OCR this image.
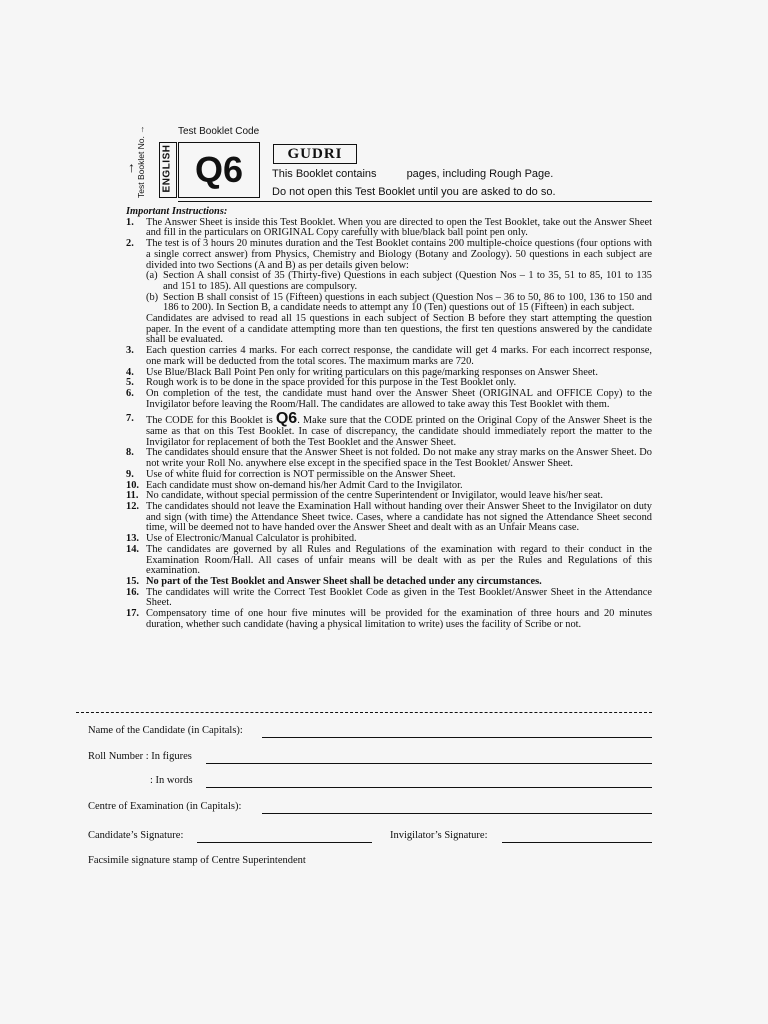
Test Booklet Code
↑ Test Booklet No. →
ENGLISH Q6	GUDRI
This Booklet contains	pages, including Rough Page.
Do not open this Test Booklet until you are asked to do so.
Important Instructions:
1.	The Answer Sheet is inside this Test Booklet. When you are directed to open the Test Booklet, take out the Answer Sheet and fill in the particulars on ORIGINAL Copy carefully with blue/black ball point pen only.
2.	The test is of 3 hours 20 minutes duration and the Test Booklet contains 200 multiple-choice questions (four options with a single correct answer) from Physics, Chemistry and Biology (Botany and Zoology). 50 questions in each subject are divided into two Sections (A and B) as per details given below:
(a) Section A shall consist of 35 (Thirty-five) Questions in each subject (Question Nos – 1 to 35, 51 to 85, 101 to 135 and 151 to 185). All questions are compulsory.
(b) Section B shall consist of 15 (Fifteen) questions in each subject (Question Nos – 36 to 50, 86 to 100, 136 to 150 and 186 to 200). In Section B, a candidate needs to attempt any 10 (Ten) questions out of 15 (Fifteen) in each subject.
Candidates are advised to read all 15 questions in each subject of Section B before they start attempting the question paper. In the event of a candidate attempting more than ten questions, the first ten questions answered by the candidate shall be evaluated.
3.	Each question carries 4 marks. For each correct response, the candidate will get 4 marks. For each incorrect response, one mark will be deducted from the total scores. The maximum marks are 720.
4.	Use Blue/Black Ball Point Pen only for writing particulars on this page/marking responses on Answer Sheet.
5.	Rough work is to be done in the space provided for this purpose in the Test Booklet only.
6.	On completion of the test, the candidate must hand over the Answer Sheet (ORIGINAL and OFFICE Copy) to the Invigilator before leaving the Room/Hall. The candidates are allowed to take away this Test Booklet with them.
7.	The CODE for this Booklet is Q6. Make sure that the CODE printed on the Original Copy of the Answer Sheet is the same as that on this Test Booklet. In case of discrepancy, the candidate should immediately report the matter to the Invigilator for replacement of both the Test Booklet and the Answer Sheet.
8.	The candidates should ensure that the Answer Sheet is not folded. Do not make any stray marks on the Answer Sheet. Do not write your Roll No. anywhere else except in the specified space in the Test Booklet/ Answer Sheet.
9.	Use of white fluid for correction is NOT permissible on the Answer Sheet.
10. Each candidate must show on-demand his/her Admit Card to the Invigilator.
11. No candidate, without special permission of the centre Superintendent or Invigilator, would leave his/her seat.
12. The candidates should not leave the Examination Hall without handing over their Answer Sheet to the Invigilator on duty and sign (with time) the Attendance Sheet twice. Cases, where a candidate has not signed the Attendance Sheet second time, will be deemed not to have handed over the Answer Sheet and dealt with as an Unfair Means case.
13. Use of Electronic/Manual Calculator is prohibited.
14. The candidates are governed by all Rules and Regulations of the examination with regard to their conduct in the Examination Room/Hall. All cases of unfair means will be dealt with as per the Rules and Regulations of this examination.
15. No part of the Test Booklet and Answer Sheet shall be detached under any circumstances.
16. The candidates will write the Correct Test Booklet Code as given in the Test Booklet/Answer Sheet in the Attendance Sheet.
17. Compensatory time of one hour five minutes will be provided for the examination of three hours and 20 minutes duration, whether such candidate (having a physical limitation to write) uses the facility of Scribe or not.
Name of the Candidate (in Capitals):
Roll Number : In figures
: In words
Centre of Examination (in Capitals):
Candidate’s Signature:	Invigilator’s Signature:
Facsimile signature stamp of Centre Superintendent
